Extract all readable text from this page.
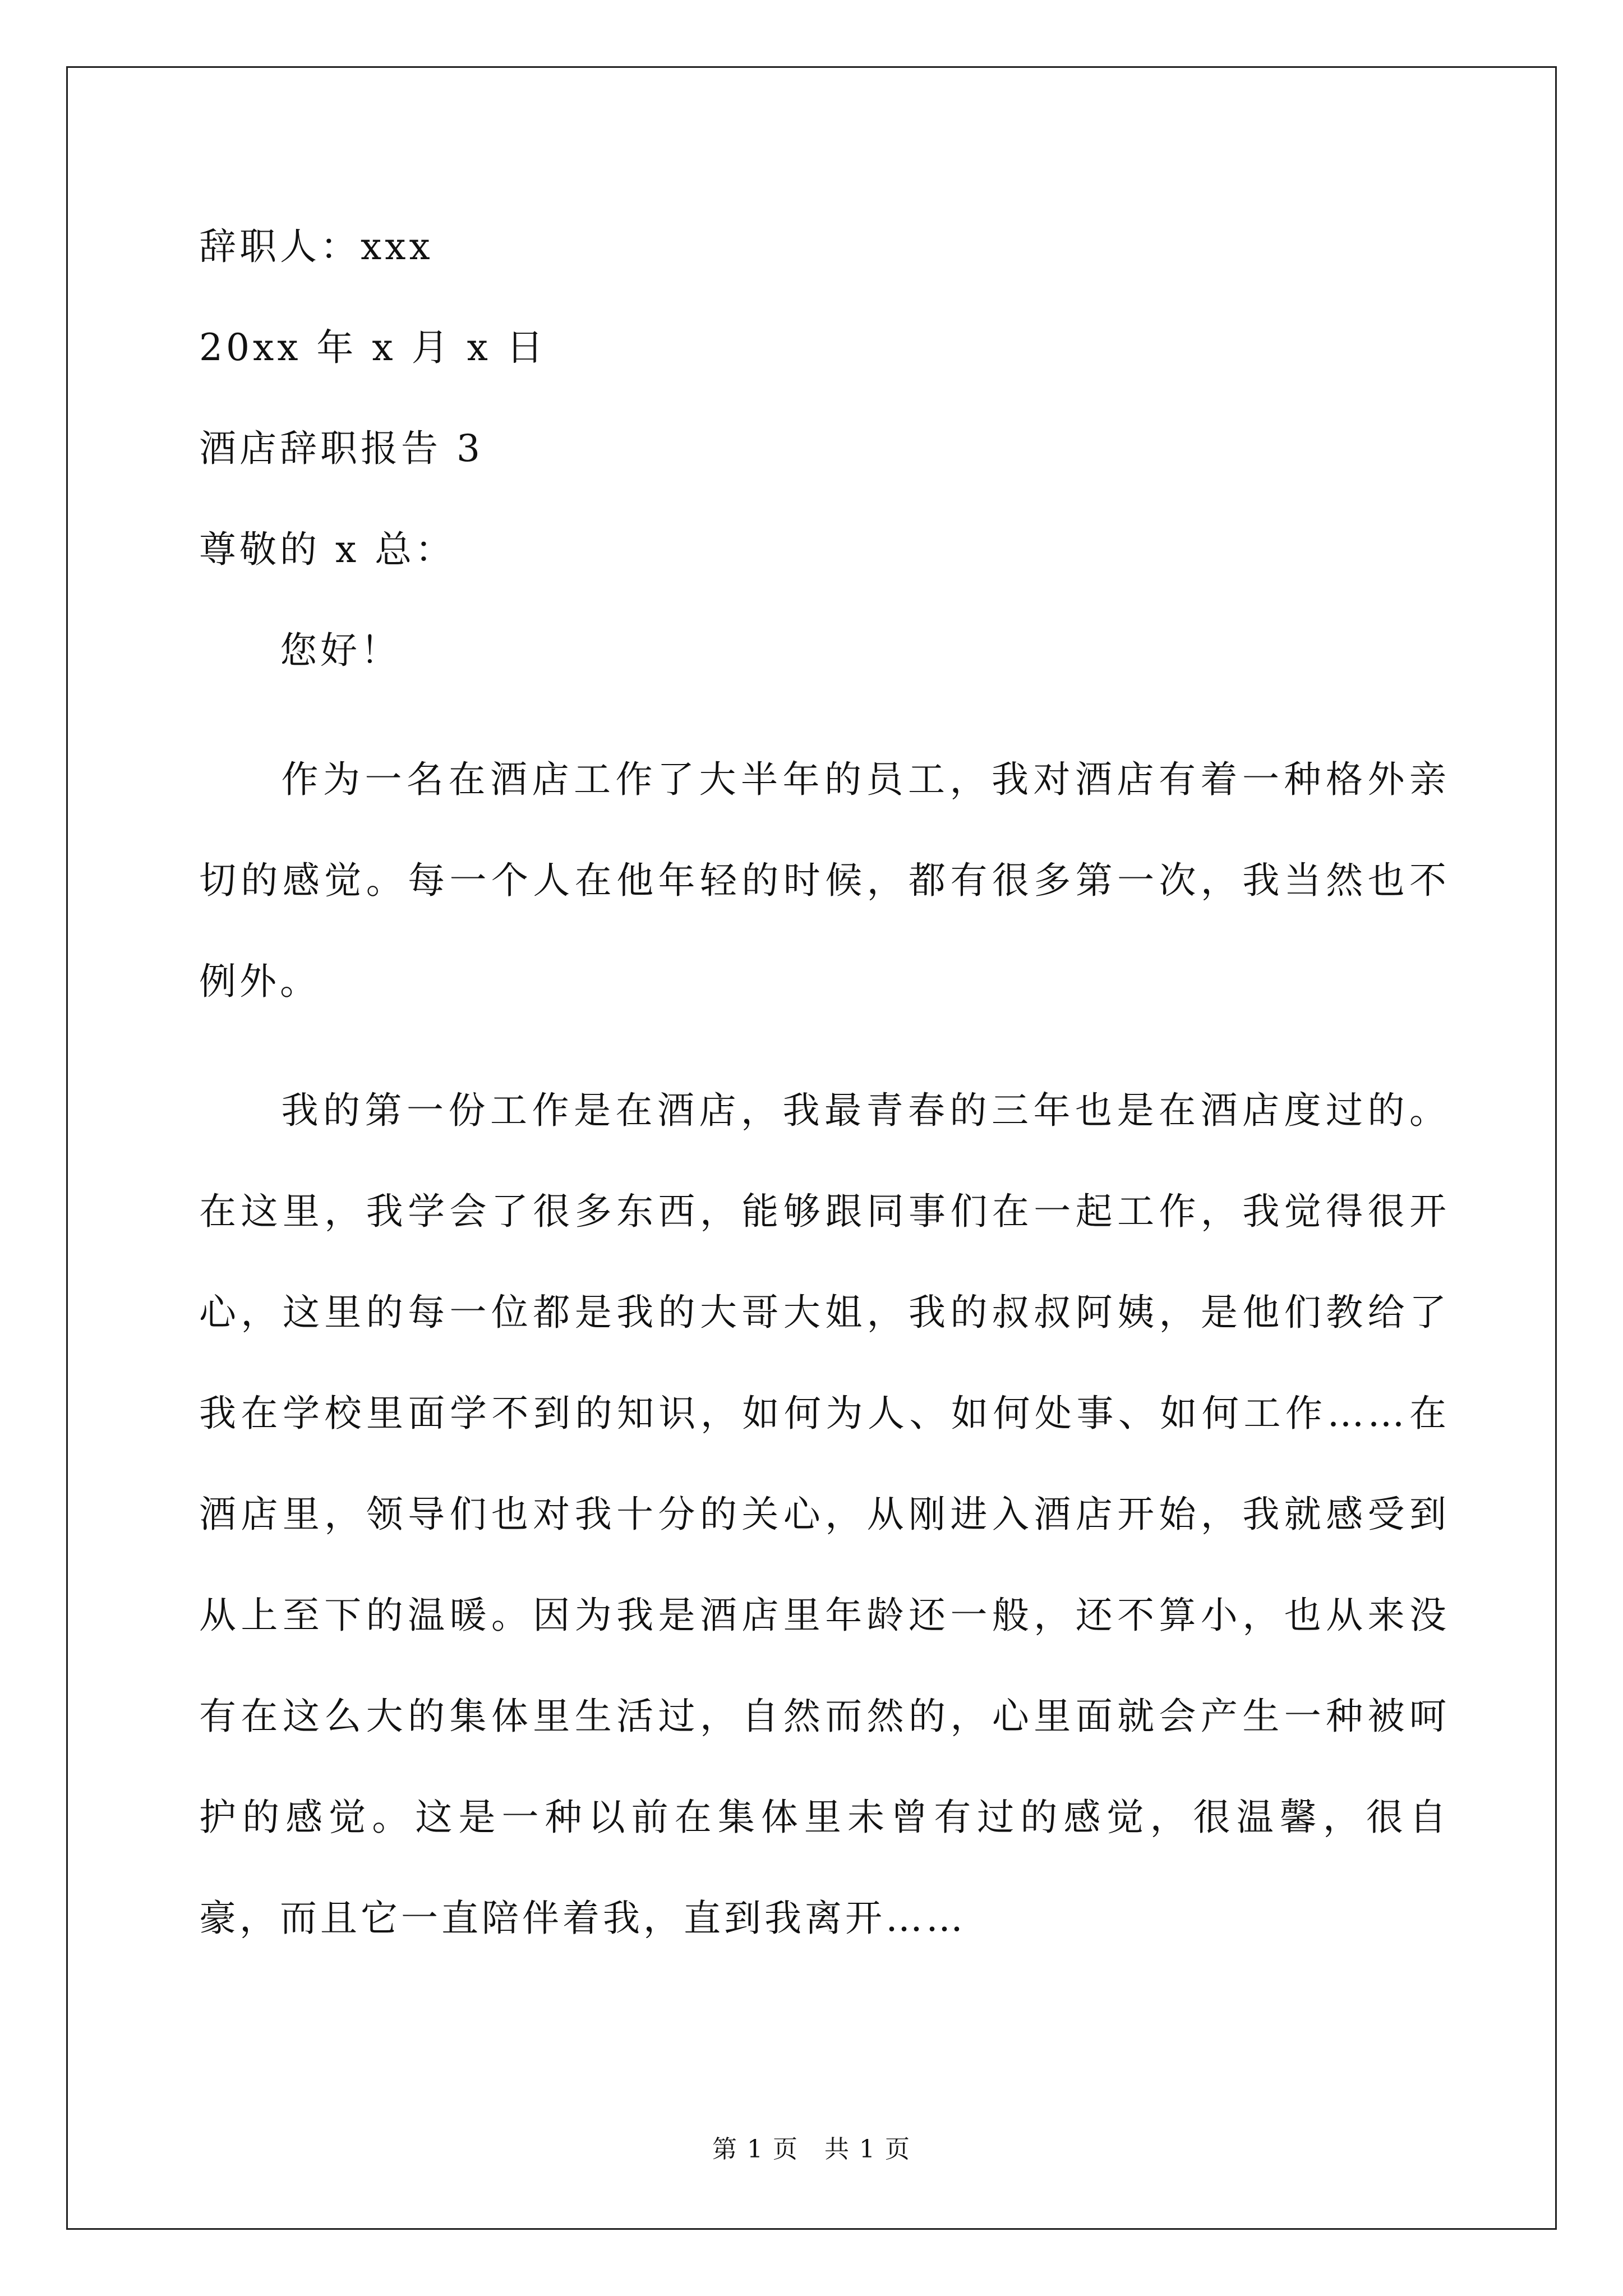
辞职人：xxx
20xx 年 x 月 x 日
酒店辞职报告 3
尊敬的 x 总：
您好！
作为一名在酒店工作了大半年的员工，我对酒店有着一种格外亲切的感觉。每一个人在他年轻的时候，都有很多第一次，我当然也不例外。
我的第一份工作是在酒店，我最青春的三年也是在酒店度过的。在这里，我学会了很多东西，能够跟同事们在一起工作，我觉得很开心，这里的每一位都是我的大哥大姐，我的叔叔阿姨，是他们教给了我在学校里面学不到的知识，如何为人、如何处事、如何工作……在酒店里，领导们也对我十分的关心，从刚进入酒店开始，我就感受到从上至下的温暖。因为我是酒店里年龄还一般，还不算小，也从来没有在这么大的集体里生活过，自然而然的，心里面就会产生一种被呵护的感觉。这是一种以前在集体里未曾有过的感觉，很温馨，很自豪，而且它一直陪伴着我，直到我离开……
第 1 页　共 1 页
